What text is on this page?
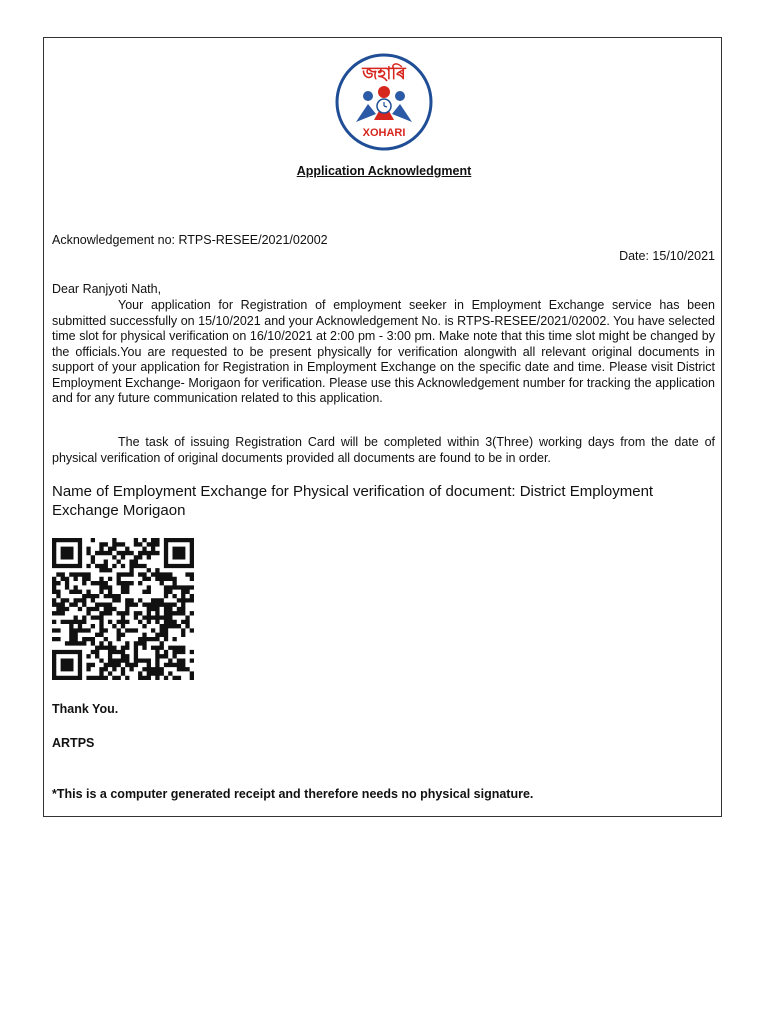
জহাৰি
XOHARI
Application Acknowledgment
Acknowledgement no: RTPS-RESEE/2021/02002
Date: 15/10/2021
Dear Ranjyoti Nath,

Your application for Registration of employment seeker in Employment Exchange service has been submitted successfully on 15/10/2021 and your Acknowledgement No. is RTPS-RESEE/2021/02002. You have selected time slot for physical verification on 16/10/2021 at 2:00 pm - 3:00 pm. Make note that this time slot might be changed by the officials.You are requested to be present physically for verification alongwith all relevant original documents in support of your application for Registration in Employment Exchange on the specific date and time. Please visit District Employment Exchange- Morigaon for verification. Please use this Acknowledgement number for tracking the application and for any future communication related to this application.

The task of issuing Registration Card will be completed within 3(Three) working days from the date of physical verification of original documents provided all documents are found to be in order.

Name of Employment Exchange for Physical verification of document: District Employment Exchange Morigaon
Thank You.
ARTPS
*This is a computer generated receipt and therefore needs no physical signature.
